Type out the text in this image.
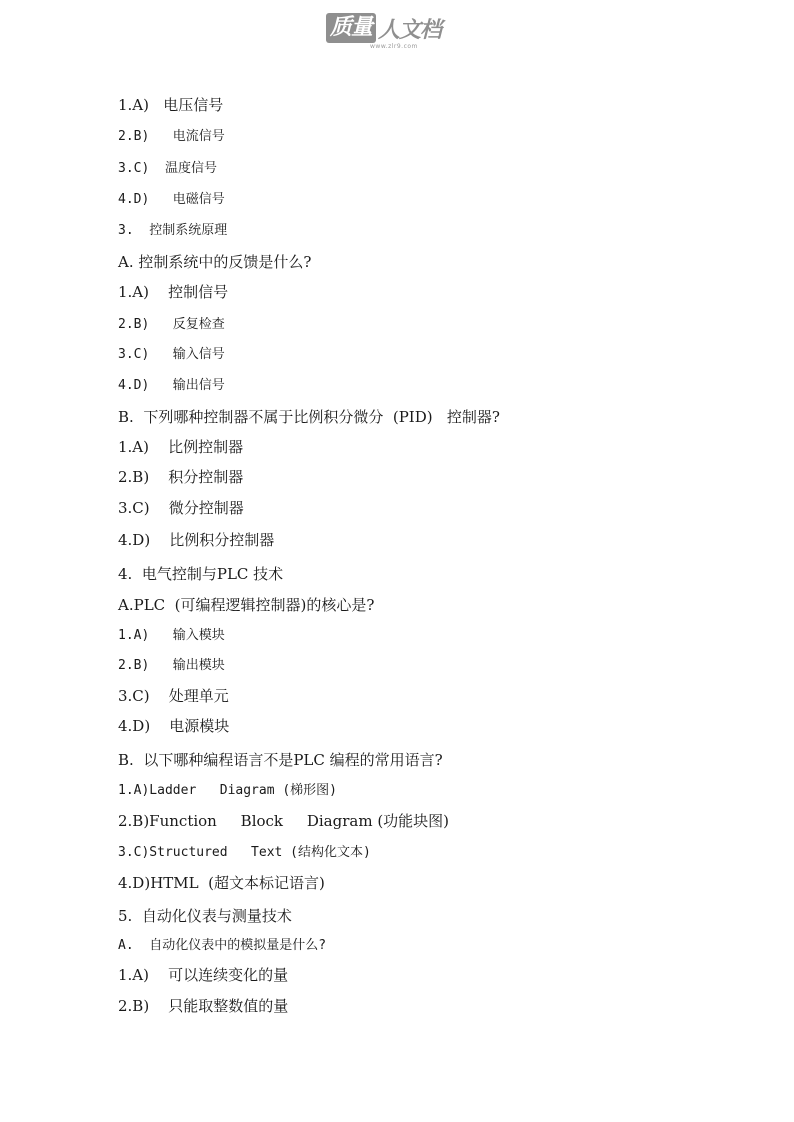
质量 人文档
www.zlr9.com
1.A)   电压信号
2.B)   电流信号
3.C)  温度信号
4.D)   电磁信号
3.  控制系统原理
A. 控制系统中的反馈是什么?
1.A)    控制信号
2.B)   反复检查
3.C)   输入信号
4.D)   输出信号
B.  下列哪种控制器不属于比例积分微分  (PID)   控制器?
1.A)    比例控制器
2.B)    积分控制器
3.C)    微分控制器
4.D)    比例积分控制器
4.  电气控制与PLC 技术
A.PLC  (可编程逻辑控制器)的核心是?
1.A)   输入模块
2.B)   输出模块
3.C)    处理单元
4.D)    电源模块
B.  以下哪种编程语言不是PLC 编程的常用语言?
1.A)Ladder   Diagram (梯形图)
2.B)Function     Block     Diagram (功能块图)
3.C)Structured   Text (结构化文本)
4.D)HTML  (超文本标记语言)
5.  自动化仪表与测量技术
A.  自动化仪表中的模拟量是什么?
1.A)    可以连续变化的量
2.B)    只能取整数值的量
